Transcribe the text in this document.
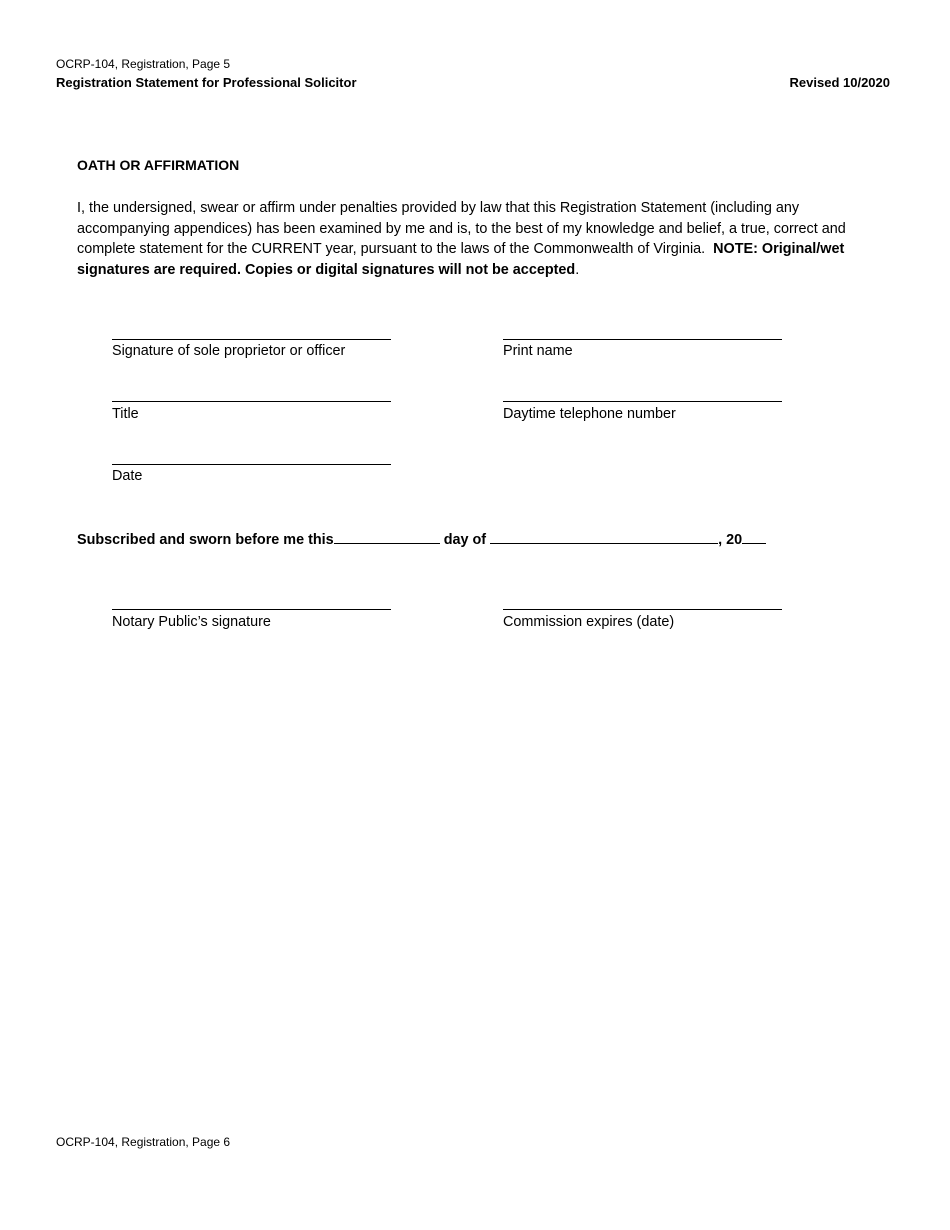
OCRP-104, Registration, Page 5
Registration Statement for Professional Solicitor	Revised 10/2020
OATH OR AFFIRMATION
I, the undersigned, swear or affirm under penalties provided by law that this Registration Statement (including any accompanying appendices) has been examined by me and is, to the best of my knowledge and belief, a true, correct and complete statement for the CURRENT year, pursuant to the laws of the Commonwealth of Virginia. NOTE: Original/wet signatures are required. Copies or digital signatures will not be accepted.
Signature of sole proprietor or officer	Print name
Title	Daytime telephone number
Date
Subscribed and sworn before me this	day of	, 20
Notary Public’s signature	Commission expires (date)
OCRP-104, Registration, Page 6
